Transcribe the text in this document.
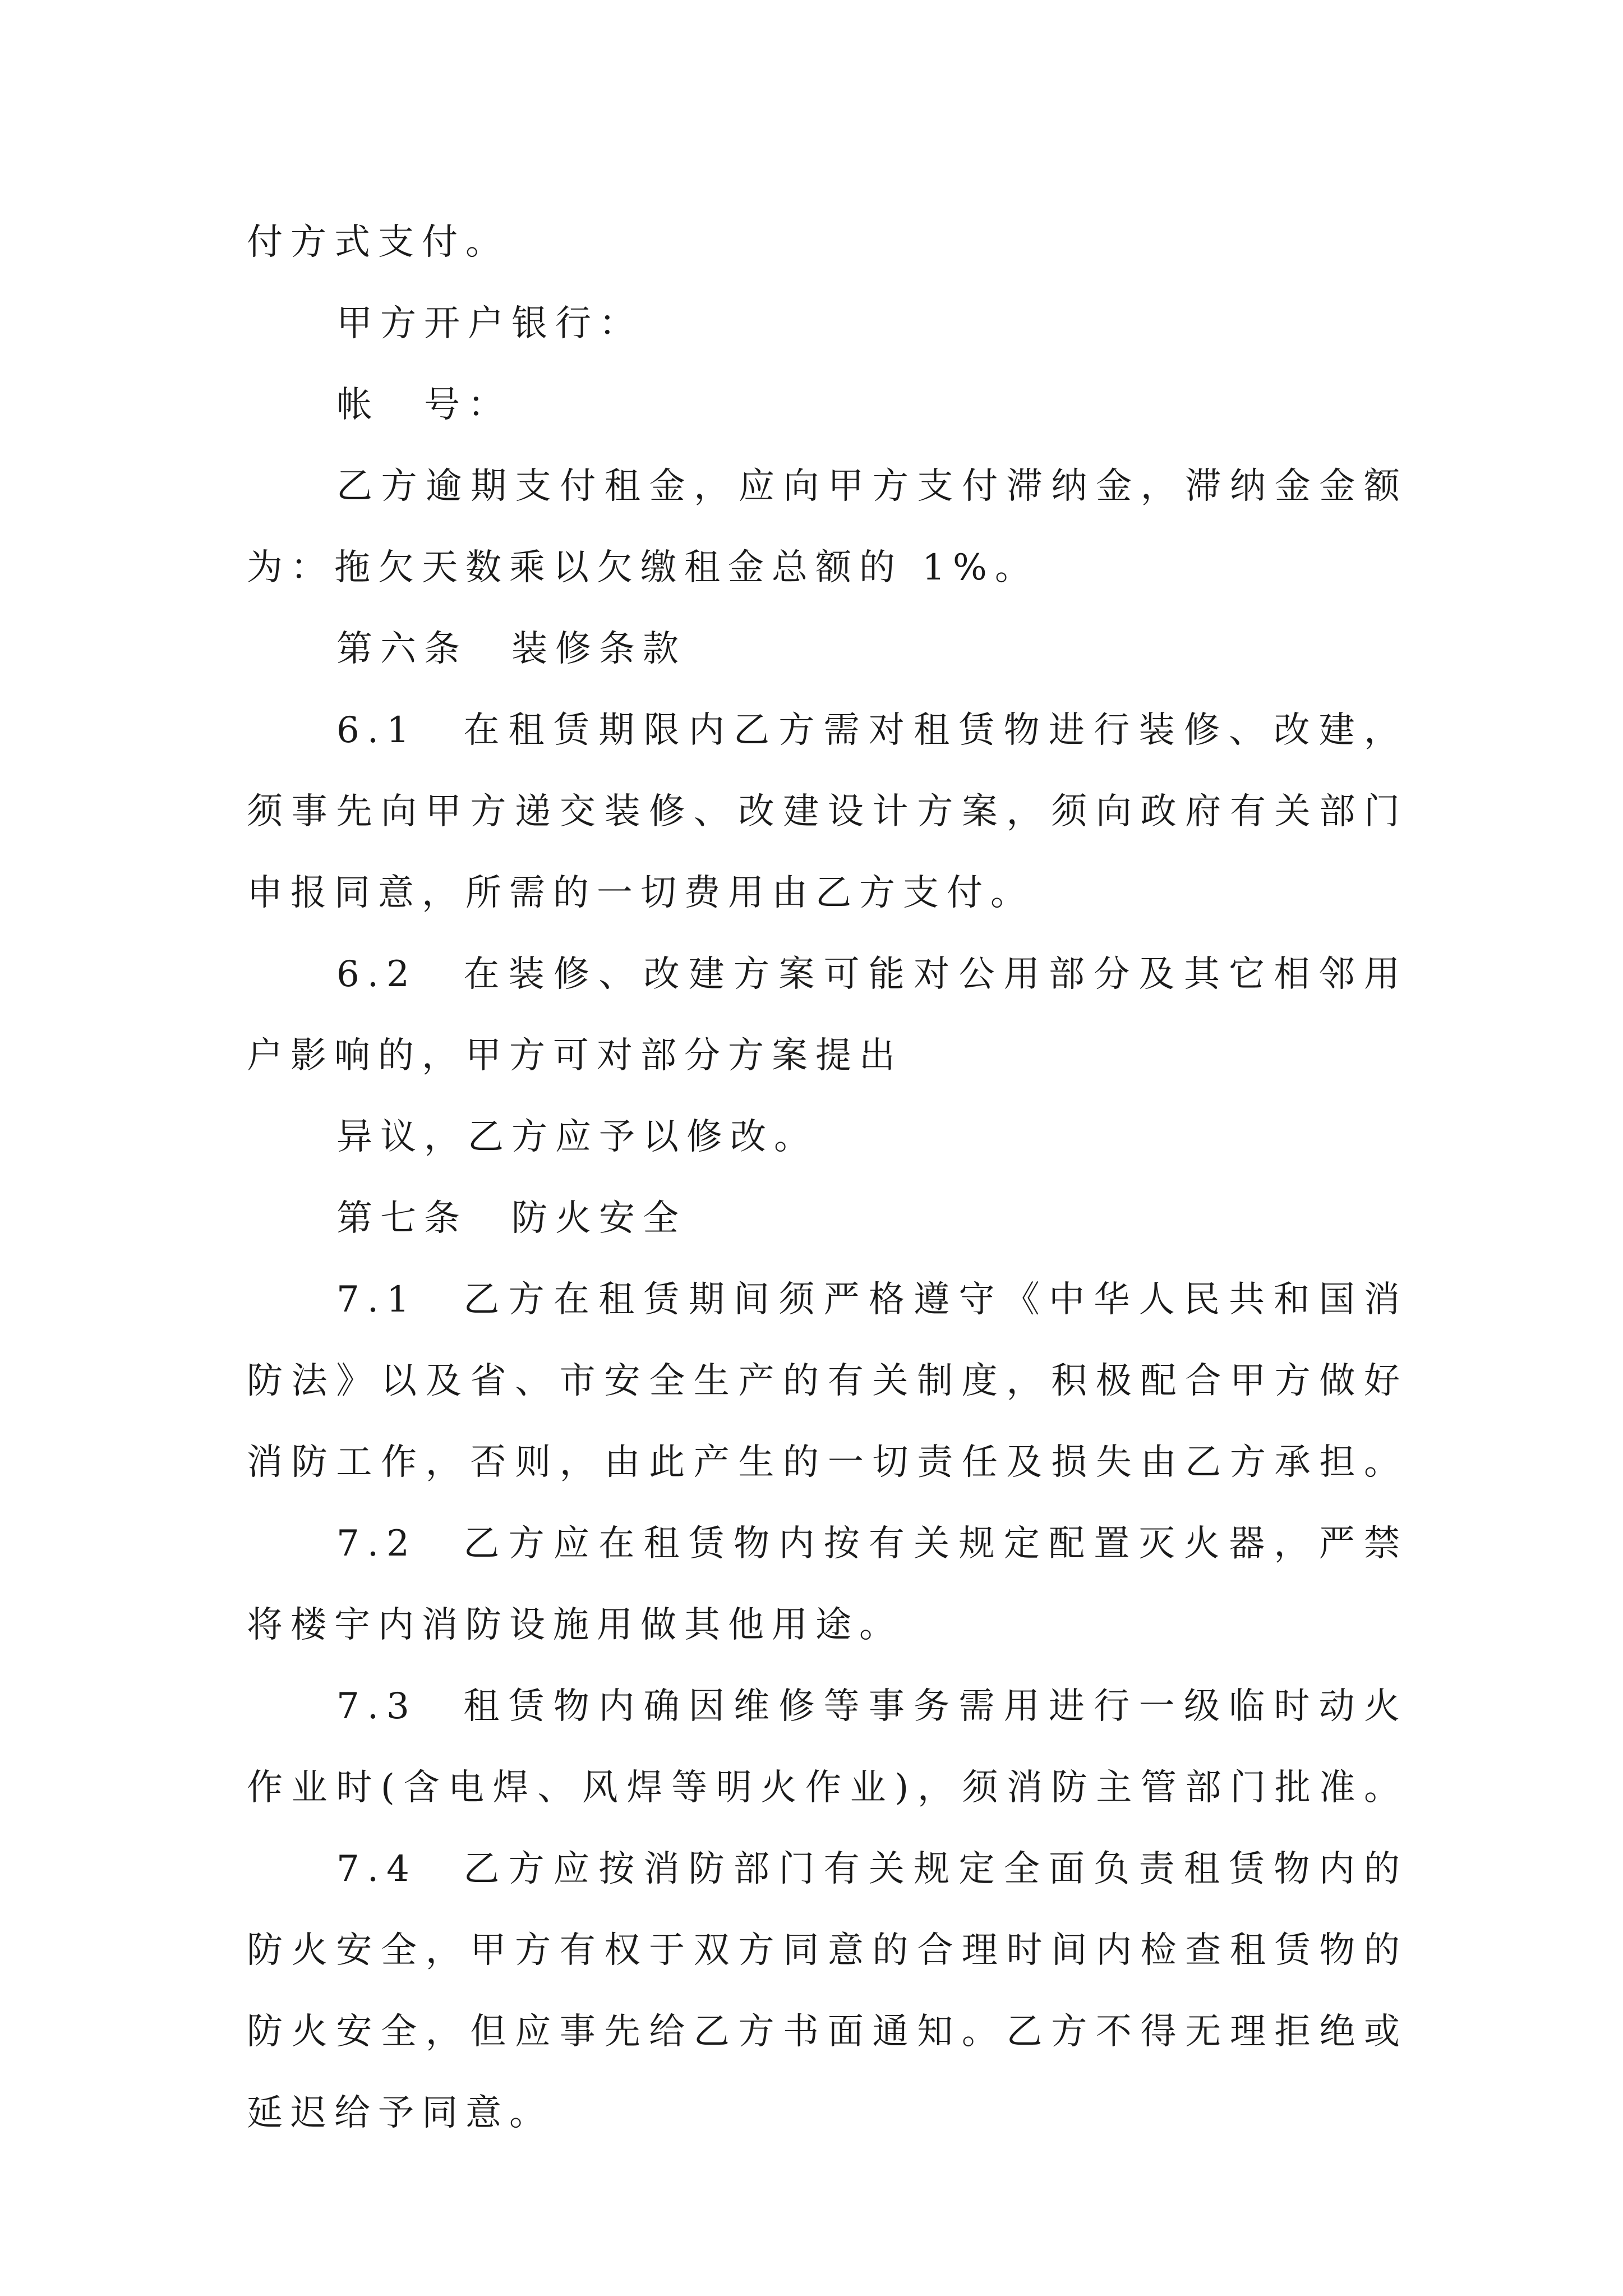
付方式支付。
甲方开户银行：
帐　号：
乙方逾期支付租金，应向甲方支付滞纳金，滞纳金金额
为：拖欠天数乘以欠缴租金总额的 1%。
第六条　装修条款
6.1　在租赁期限内乙方需对租赁物进行装修、改建，
须事先向甲方递交装修、改建设计方案，须向政府有关部门
申报同意，所需的一切费用由乙方支付。
6.2　在装修、改建方案可能对公用部分及其它相邻用
户影响的，甲方可对部分方案提出
异议，乙方应予以修改。
第七条　防火安全
7.1　乙方在租赁期间须严格遵守《中华人民共和国消
防法》以及省、市安全生产的有关制度，积极配合甲方做好
消防工作，否则，由此产生的一切责任及损失由乙方承担。
7.2　乙方应在租赁物内按有关规定配置灭火器，严禁
将楼宇内消防设施用做其他用途。
7.3　租赁物内确因维修等事务需用进行一级临时动火
作业时(含电焊、风焊等明火作业)，须消防主管部门批准。
7.4　乙方应按消防部门有关规定全面负责租赁物内的
防火安全，甲方有权于双方同意的合理时间内检查租赁物的
防火安全，但应事先给乙方书面通知。乙方不得无理拒绝或
延迟给予同意。
